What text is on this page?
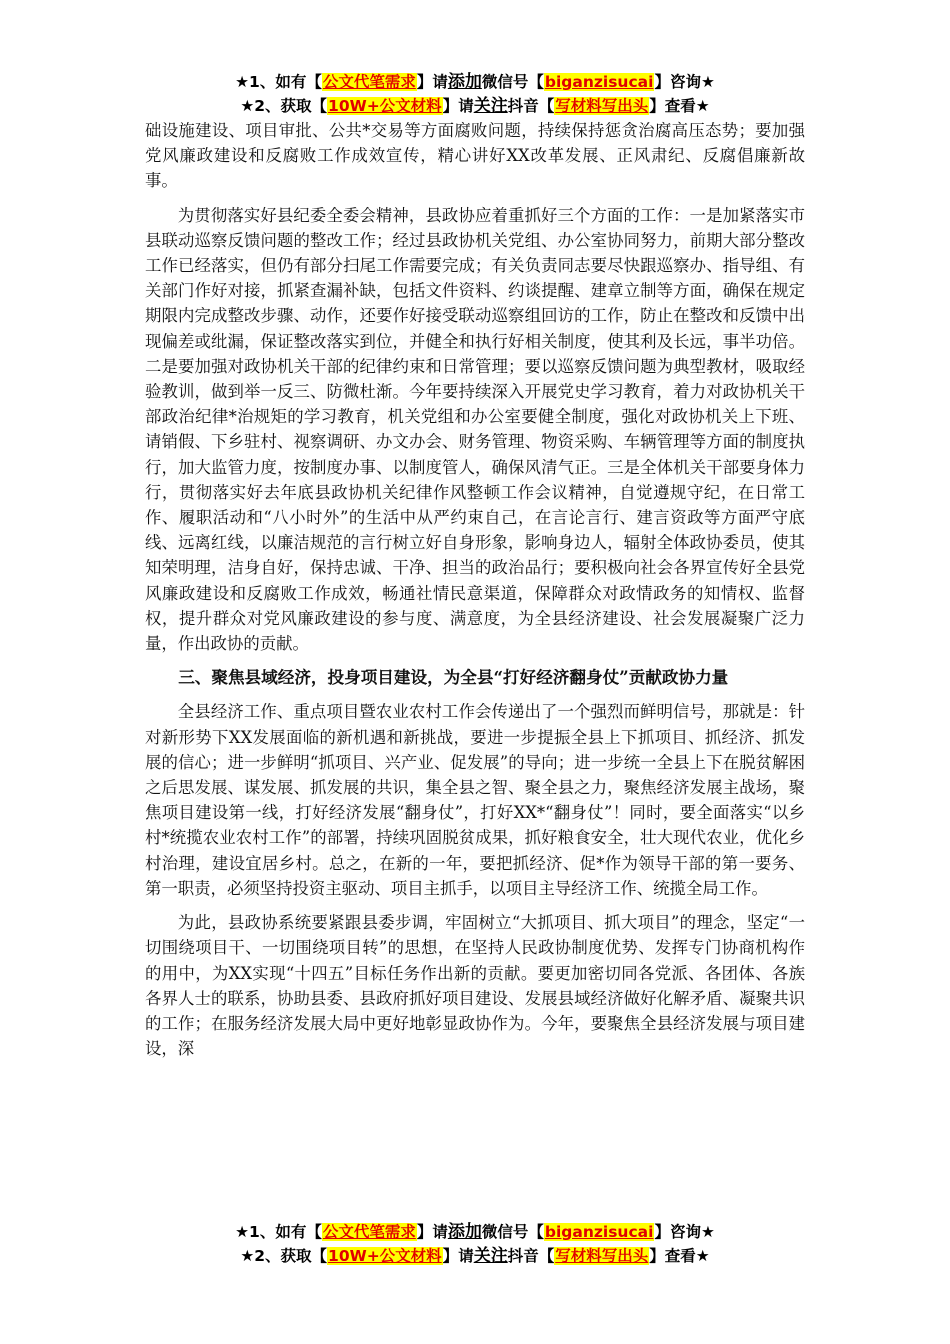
★1、如有【公文代笔需求】请添加微信号【biganzisucai】咨询★
★2、获取【10W+公文材料】请关注抖音【写材料写出头】查看★

础设施建设、项目审批、公共*交易等方面腐败问题，持续保持惩贪治腐高压态势；要加强党风廉政建设和反腐败工作成效宣传，精心讲好XX改革发展、正风肃纪、反腐倡廉新故事。

为贯彻落实好县纪委全委会精神，县政协应着重抓好三个方面的工作：一是加紧落实市县联动巡察反馈问题的整改工作；经过县政协机关党组、办公室协同努力，前期大部分整改工作已经落实，但仍有部分扫尾工作需要完成；有关负责同志要尽快跟巡察办、指导组、有关部门作好对接，抓紧查漏补缺，包括文件资料、约谈提醒、建章立制等方面，确保在规定期限内完成整改步骤、动作，还要作好接受联动巡察组回访的工作，防止在整改和反馈中出现偏差或纰漏，保证整改落实到位，并健全和执行好相关制度，使其利及长远，事半功倍。二是要加强对政协机关干部的纪律约束和日常管理；要以巡察反馈问题为典型教材，吸取经验教训，做到举一反三、防微杜渐。今年要持续深入开展党史学习教育，着力对政协机关干部政治纪律*治规矩的学习教育，机关党组和办公室要健全制度，强化对政协机关上下班、请销假、下乡驻村、视察调研、办文办会、财务管理、物资采购、车辆管理等方面的制度执行，加大监管力度，按制度办事、以制度管人，确保风清气正。三是全体机关干部要身体力行，贯彻落实好去年底县政协机关纪律作风整顿工作会议精神，自觉遵规守纪，在日常工作、履职活动和“八小时外”的生活中从严约束自己，在言论言行、建言资政等方面严守底线、远离红线，以廉洁规范的言行树立好自身形象，影响身边人，辐射全体政协委员，使其知荣明理，洁身自好，保持忠诚、干净、担当的政治品行；要积极向社会各界宣传好全县党风廉政建设和反腐败工作成效，畅通社情民意渠道，保障群众对政情政务的知情权、监督权，提升群众对党风廉政建设的参与度、满意度，为全县经济建设、社会发展凝聚广泛力量，作出政协的贡献。

三、聚焦县域经济，投身项目建设，为全县“打好经济翻身仗”贡献政协力量

全县经济工作、重点项目暨农业农村工作会传递出了一个强烈而鲜明信号，那就是：针对新形势下XX发展面临的新机遇和新挑战，要进一步提振全县上下抓项目、抓经济、抓发展的信心；进一步鲜明“抓项目、兴产业、促发展”的导向；进一步统一全县上下在脱贫解困之后思发展、谋发展、抓发展的共识，集全县之智、聚全县之力，聚焦经济发展主战场，聚焦项目建设第一线，打好经济发展“翻身仗”，打好XX*“翻身仗”！同时，要全面落实“以乡村*统揽农业农村工作”的部署，持续巩固脱贫成果，抓好粮食安全，壮大现代农业，优化乡村治理，建设宜居乡村。总之，在新的一年，要把抓经济、促*作为领导干部的第一要务、第一职责，必须坚持投资主驱动、项目主抓手，以项目主导经济工作、统揽全局工作。

为此，县政协系统要紧跟县委步调，牢固树立“大抓项目、抓大项目”的理念，坚定“一切围绕项目干、一切围绕项目转”的思想，在坚持人民政协制度优势、发挥专门协商机构作的用中，为XX实现“十四五”目标任务作出新的贡献。要更加密切同各党派、各团体、各族各界人士的联系，协助县委、县政府抓好项目建设、发展县域经济做好化解矛盾、凝聚共识的工作；在服务经济发展大局中更好地彰显政协作为。今年，要聚焦全县经济发展与项目建设，深

★1、如有【公文代笔需求】请添加微信号【biganzisucai】咨询★
★2、获取【10W+公文材料】请关注抖音【写材料写出头】查看★
